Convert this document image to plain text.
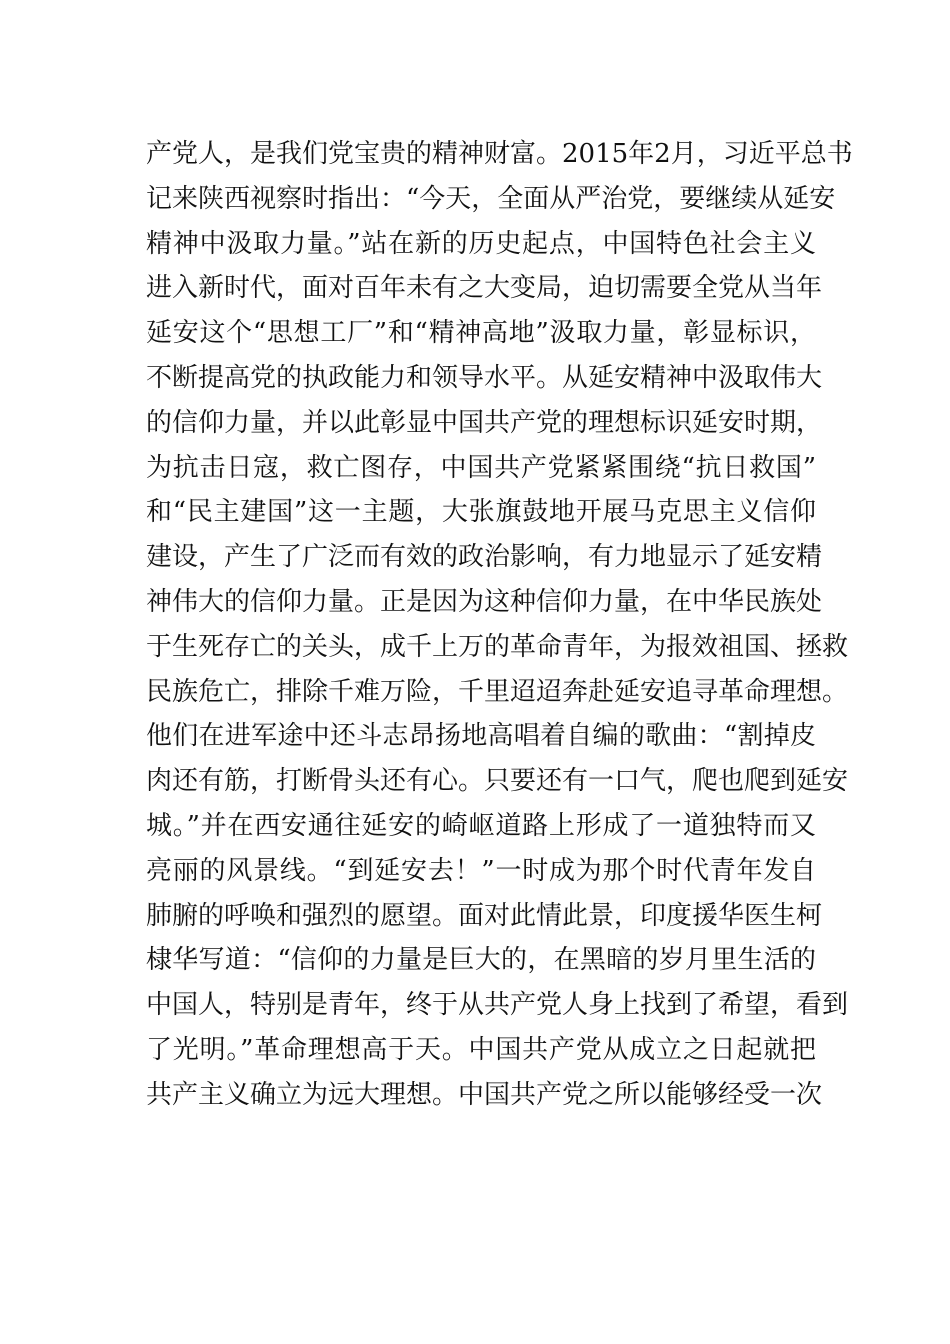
产党人，是我们党宝贵的精神财富。2015年2月，习近平总书
记来陕西视察时指出：“今天，全面从严治党，要继续从延安
精神中汲取力量。”站在新的历史起点，中国特色社会主义
进入新时代，面对百年未有之大变局，迫切需要全党从当年
延安这个“思想工厂”和“精神高地”汲取力量，彰显标识，
不断提高党的执政能力和领导水平。从延安精神中汲取伟大
的信仰力量，并以此彰显中国共产党的理想标识延安时期，
为抗击日寇，救亡图存，中国共产党紧紧围绕“抗日救国”
和“民主建国”这一主题，大张旗鼓地开展马克思主义信仰
建设，产生了广泛而有效的政治影响，有力地显示了延安精
神伟大的信仰力量。正是因为这种信仰力量，在中华民族处
于生死存亡的关头，成千上万的革命青年，为报效祖国、拯救
民族危亡，排除千难万险，千里迢迢奔赴延安追寻革命理想。
他们在进军途中还斗志昂扬地高唱着自编的歌曲：“割掉皮
肉还有筋，打断骨头还有心。只要还有一口气，爬也爬到延安
城。”并在西安通往延安的崎岖道路上形成了一道独特而又
亮丽的风景线。“到延安去！”一时成为那个时代青年发自
肺腑的呼唤和强烈的愿望。面对此情此景，印度援华医生柯
棣华写道：“信仰的力量是巨大的，在黑暗的岁月里生活的
中国人，特别是青年，终于从共产党人身上找到了希望，看到
了光明。”革命理想高于天。中国共产党从成立之日起就把
共产主义确立为远大理想。中国共产党之所以能够经受一次
